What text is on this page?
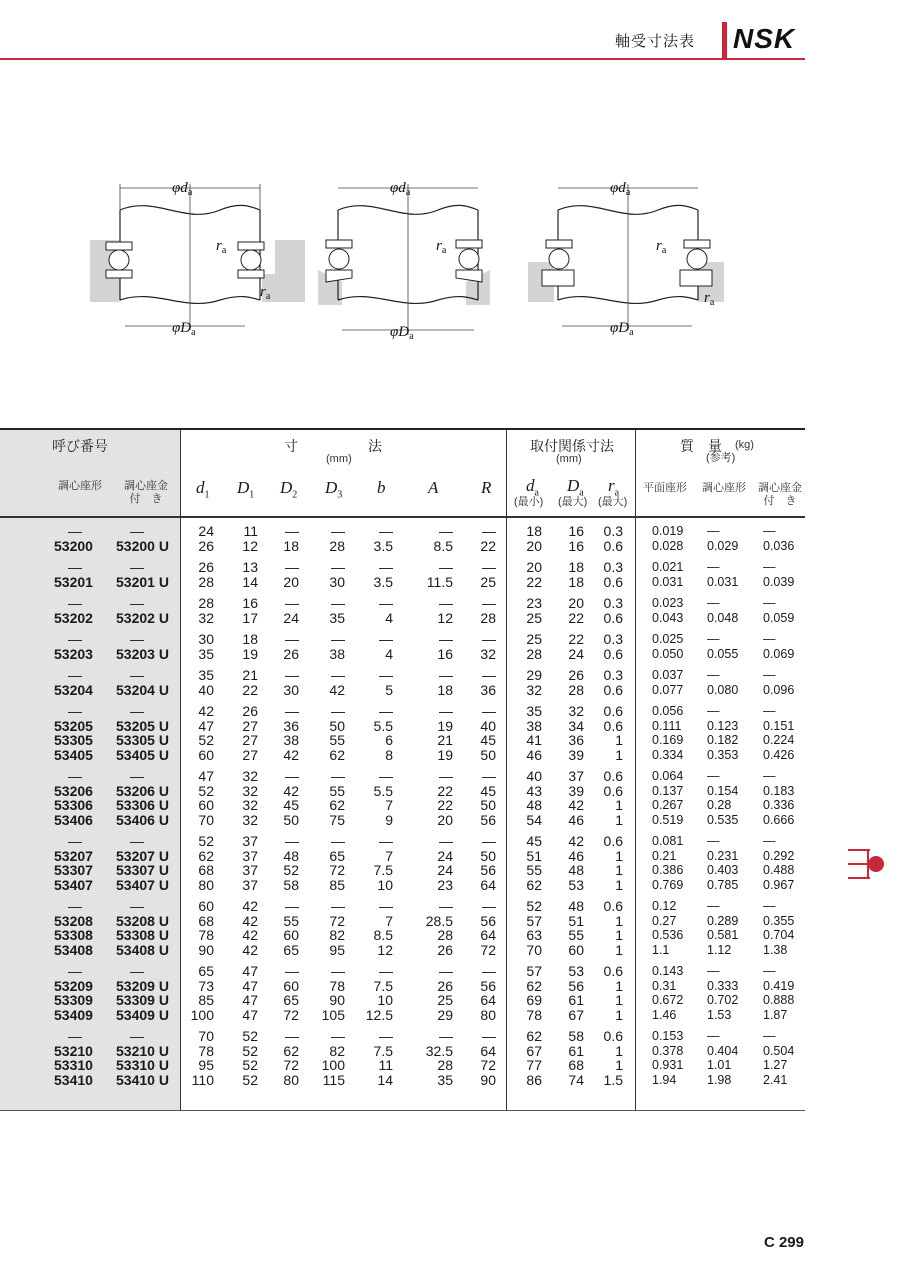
軸受寸法表 NSK
$\varphi d_a$
$\varphi D_a$
$r_a$
$r_a$
$\varphi d_a$
$\varphi D_a$
$r_a$
$\varphi d_a$
$\varphi D_a$
$r_a$
$r_a$
呼び番号	寸　　　　　法
(mm)
取付関係寸法
(mm)
質　量 (kg)
(参考)
調心座形 調心座金
付　き
$d_1$ $D_1$ $D_2$ $D_3$ b	A	R $d_a$
(最小)
$D_a$
(最大)
$r_a$
(最大)
平面座形 調心座形 調心座金
付　き
—	—	24 11 — — —	— — 18 16 0.3 0.019 —	—
53200 53200 U 26 12 18 28 3.5	8.5 22 20 16 0.6 0.028 0.029 0.036
—	—	26 13 — — —	— — 20 18 0.3 0.021 —	—
53201 53201 U 28 14 20 30 3.5 11.5 25 22 18 0.6 0.031 0.031 0.039
—	—	28 16 — — —	— — 23 20 0.3 0.023 —	—
53202 53202 U 32 17 24 35	4	12 28 25 22 0.6 0.043 0.048 0.059
—	—	30 18 — — —	— — 25 22 0.3 0.025 —	—
53203 53203 U 35 19 26 38	4	16 32 28 24 0.6 0.050 0.055 0.069
—	—	35 21 — — —	— — 29 26 0.3 0.037 —	—
53204 53204 U 40 22 30 42	5	18 36 32 28 0.6 0.077 0.080 0.096
—	—	42 26 — — —	— — 35 32 0.6 0.056 —	—
53205 53205 U 47 27 36 50 5.5	19 40 38 34 0.6 0.111 0.123 0.151
53305 53305 U 52 27 38 55	6	21 45 41 36 1 0.169 0.182 0.224
53405 53405 U 60 27 42 62	8	19 50 46 39 1 0.334 0.353 0.426
—	—	47 32 — — —	— — 40 37 0.6 0.064 —	—
53206 53206 U 52 32 42 55 5.5	22 45 43 39 0.6 0.137 0.154 0.183
53306 53306 U 60 32 45 62	7	22 50 48 42 1 0.267 0.28	0.336
53406 53406 U 70 32 50 75	9	20 56 54 46 1 0.519 0.535 0.666
—	—	52 37 — — —	— — 45 42 0.6 0.081 —	—
53207 53207 U 62 37 48 65	7	24 50 51 46 1 0.21 0.231 0.292
53307 53307 U 68 37 52 72 7.5	24 56 55 48 1 0.386 0.403 0.488
53407 53407 U 80 37 58 85 10	23 64 62 53 1 0.769 0.785 0.967
—	—	60 42 — — —	— — 52 48 0.6 0.12 —	—
53208 53208 U 68 42 55 72	7 28.5 56 57 51 1 0.27 0.289 0.355
53308 53308 U 78 42 60 82 8.5	28 64 63 55 1 0.536 0.581 0.704
53408 53408 U 90 42 65 95 12	26 72 70 60 1 1.1	1.12	1.38
—	—	65 47 — — —	— — 57 53 0.6 0.143 —	—
53209 53209 U 73 47 60 78 7.5	26 56 62 56 1 0.31 0.333 0.419
53309 53309 U 85 47 65 90 10	25 64 69 61 1 0.672 0.702 0.888
53409 53409 U 100 47 72 105 12.5	29 80 78 67 1 1.46 1.53	1.87
—	—	70 52 — — —	— — 62 58 0.6 0.153 —	—
53210 53210 U 78 52 62 82 7.5 32.5 64 67 61 1 0.378 0.404 0.504
53310 53310 U 95 52 72 100 11	28 72 77 68 1 0.931 1.01	1.27
53410 53410 U 110 52 80 115 14	35 90 86 74 1.5 1.94 1.98	2.41
C 299
